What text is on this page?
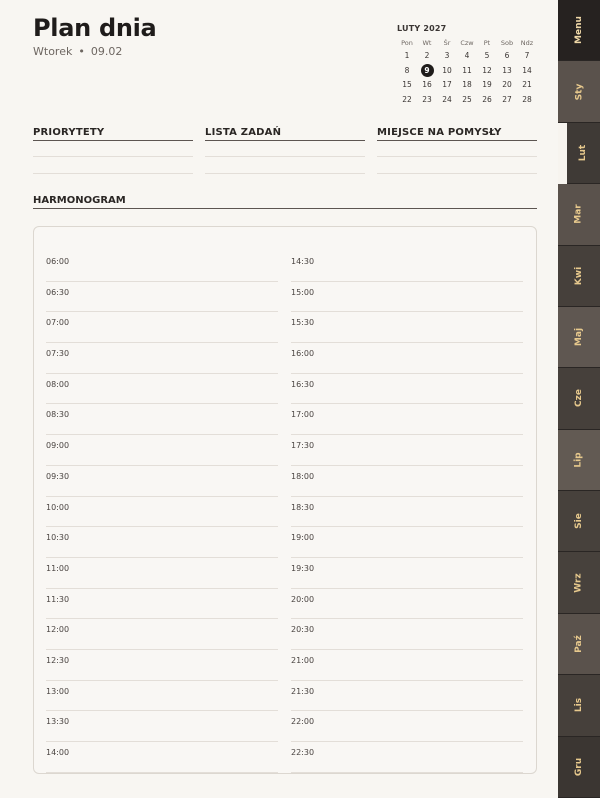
Plan dnia
Wtorek • 09.02
LUTY 2027
Pon	Wt	Śr	Czw	Pt	Sob	Ndz
1	2	3	4	5	6	7
8	9	10	11	12	13	14
15	16	17	18	19	20	21
22	23	24	25	26	27	28
PRIORYTETY	LISTA ZADAŃ	MIEJSCE NA POMYSŁY
HARMONOGRAM
06:00
06:30
07:00
07:30
08:00
08:30
09:00
09:30
10:00
10:30
11:00
11:30
12:00
12:30
13:00
13:30
14:00
14:30
15:00
15:30
16:00
16:30
17:00
17:30
18:00
18:30
19:00
19:30
20:00
20:30
21:00
21:30
22:00
22:30
Menu
Sty
Lut
Mar
Kwi
Maj
Cze
Lip
Sie
Wrz
Paź
Lis
Gru
